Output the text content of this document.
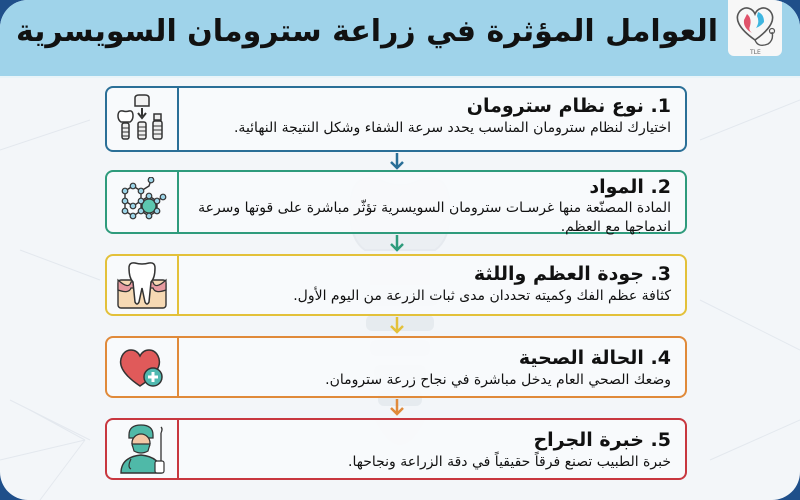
العوامل المؤثرة في زراعة سترومان السويسرية
TLE
1. نوع نظام سترومان

اختيارك لنظام سترومان المناسب يحدد سرعة الشفاء وشكل النتيجة النهائية.

2. المواد

المادة المصنّعة منها غرسـات سترومان السويسرية تؤثّر مباشرة على قوتها وسرعة اندماجها مع العظم.

3. جودة العظم واللثة

كثافة عظم الفك وكميته تحددان مدى ثبات الزرعة من اليوم الأول.

4. الحالة الصحية

وضعك الصحي العام يدخل مباشرة في نجاح زرعة سترومان.

5. خبرة الجراح

خبرة الطبيب تصنع فرقاً حقيقياً في دقة الزراعة ونجاحها.
